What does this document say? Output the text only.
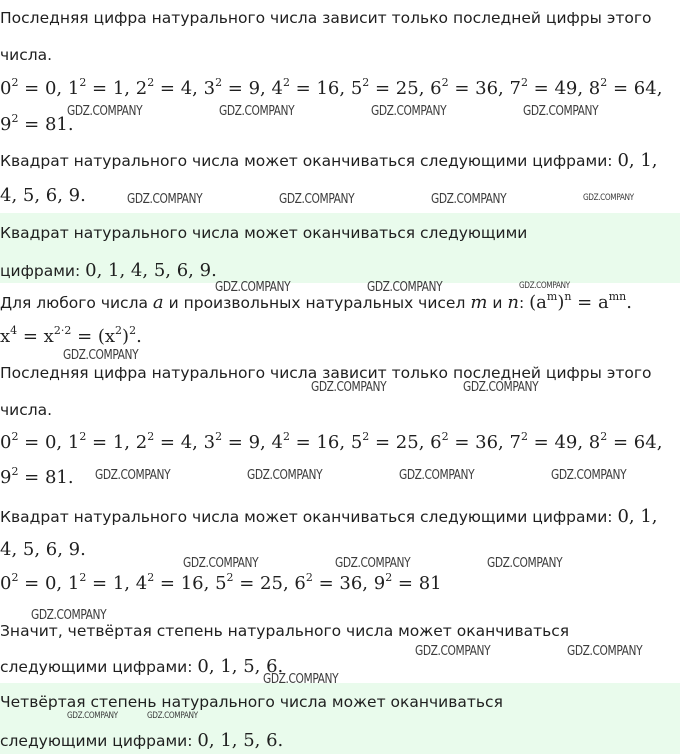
Последняя цифра натурального числа зависит только последней цифры этого
числа.
$0^2 = 0$, $1^2 = 1$, $2^2 = 4$, $3^2 = 9$, $4^2 = 16$, $5^2 = 25$, $6^2 = 36$, $7^2 = 49$, $8^2 = 64$,
$9^2 = 81$.
Квадрат натурального числа может оканчиваться следующими цифрами: 0, 1,
4, 5, 6, 9.
Квадрат натурального числа может оканчиваться следующими
цифрами: 0, 1, 4, 5, 6, 9.
Для любого числа a и произвольных натуральных чисел m и n: $(a^m)^n = a^{mn}$.
$x^4 = x^{2\cdot 2} = (x^2)^2$.
Последняя цифра натурального числа зависит только последней цифры этого
числа.
$0^2 = 0$, $1^2 = 1$, $2^2 = 4$, $3^2 = 9$, $4^2 = 16$, $5^2 = 25$, $6^2 = 36$, $7^2 = 49$, $8^2 = 64$,
$9^2 = 81$.
Квадрат натурального числа может оканчиваться следующими цифрами: 0, 1,
4, 5, 6, 9.
$0^2 = 0$, $1^2 = 1$, $4^2 = 16$, $5^2 = 25$, $6^2 = 36$, $9^2 = 81$
Значит, четвёртая степень натурального числа может оканчиваться
следующими цифрами: 0, 1, 5, 6.
Четвёртая степень натурального числа может оканчиваться
следующими цифрами: 0, 1, 5, 6.
GDZ.COMPANY	GDZ.COMPANY	GDZ.COMPANY	GDZ.COMPANY
GDZ.COMPANY	GDZ.COMPANY	GDZ.COMPANY	GDZ.COMPANY
GDZ.COMPANY	GDZ.COMPANY	GDZ.COMPANY
GDZ.COMPANY
GDZ.COMPANY	GDZ.COMPANY
GDZ.COMPANY	GDZ.COMPANY	GDZ.COMPANY	GDZ.COMPANY
GDZ.COMPANY	GDZ.COMPANY	GDZ.COMPANY
GDZ.COMPANY
GDZ.COMPANY	GDZ.COMPANY
GDZ.COMPANY
GDZ.COMPANY	GDZ.COMPANY
